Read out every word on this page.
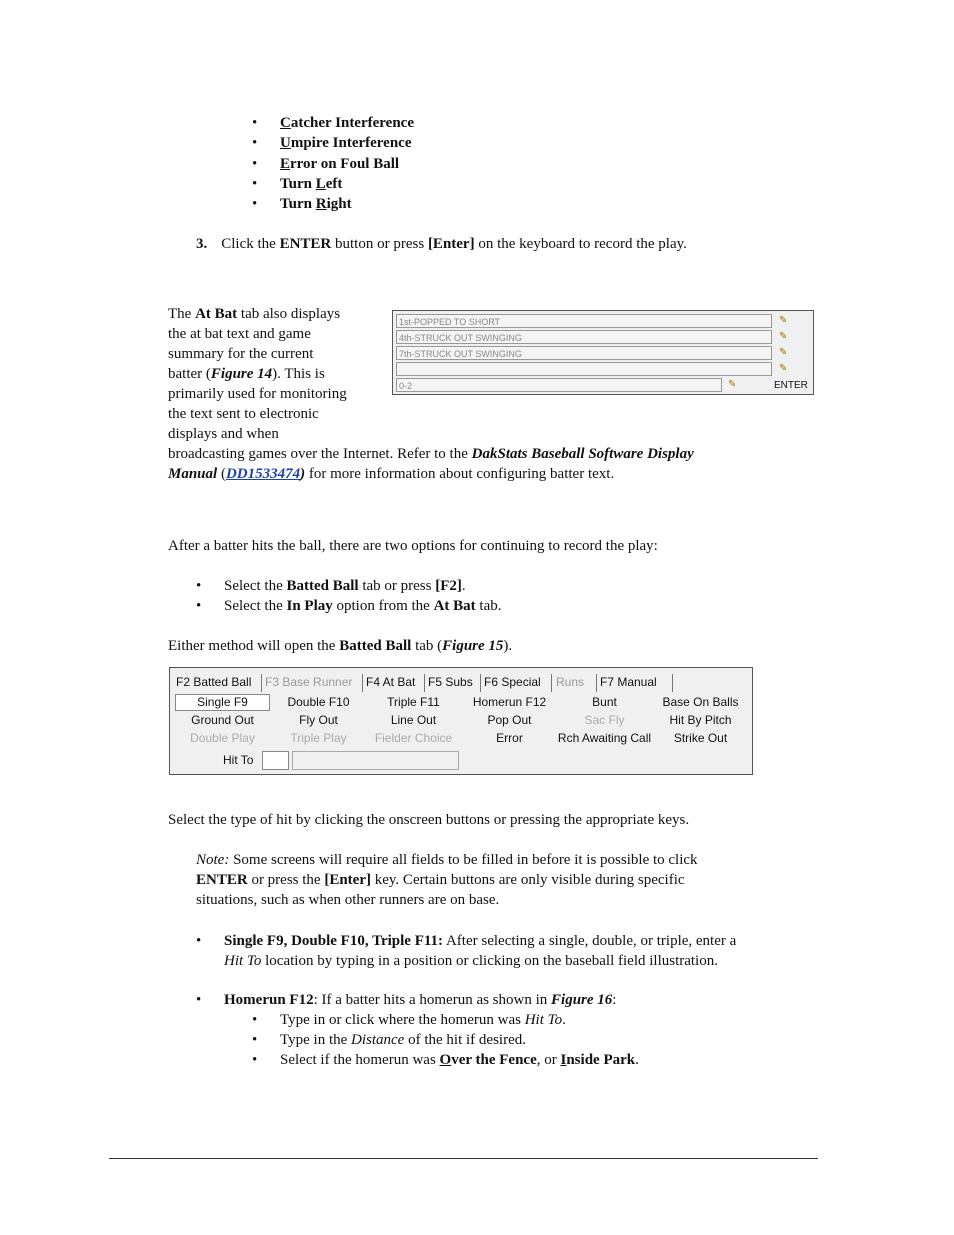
• Catcher Interference
• Umpire Interference
• Error on Foul Ball
• Turn Left
• Turn Right
3. Click the ENTER button or press [Enter] on the keyboard to record the play.
The At Bat tab also displays
the at bat text and game
summary for the current
batter (Figure 14). This is
primarily used for monitoring
the text sent to electronic
displays and when
broadcasting games over the Internet. Refer to the DakStats Baseball Software Display
Manual (DD1533474) for more information about configuring batter text.
1st-POPPED TO SHORT
4th-STRUCK OUT SWINGING
7th-STRUCK OUT SWINGING
✎
✎
✎
✎
0-2	✎	ENTER
After a batter hits the ball, there are two options for continuing to record the play:
• Select the Batted Ball tab or press [F2].
• Select the In Play option from the At Bat tab.
Either method will open the Batted Ball tab (Figure 15).
F2 Batted Ball	F3 Base Runner	F4 At Bat	F5 Subs F6 Special	Runs	F7 Manual
Single F9	Double F10	Triple F11	Homerun F12	Bunt	Base On Balls
Ground Out	Fly Out	Line Out	Pop Out	Sac Fly	Hit By Pitch
Double Play	Triple Play	Fielder Choice	Error	Rch Awaiting Call	Strike Out
Hit To
Select the type of hit by clicking the onscreen buttons or pressing the appropriate keys.
Note: Some screens will require all fields to be filled in before it is possible to click
ENTER or press the [Enter] key. Certain buttons are only visible during specific
situations, such as when other runners are on base.
• Single F9, Double F10, Triple F11: After selecting a single, double, or triple, enter a
Hit To location by typing in a position or clicking on the baseball field illustration.
• Homerun F12: If a batter hits a homerun as shown in Figure 16:
• Type in or click where the homerun was Hit To.
• Type in the Distance of the hit if desired.
• Select if the homerun was Over the Fence, or Inside Park.
